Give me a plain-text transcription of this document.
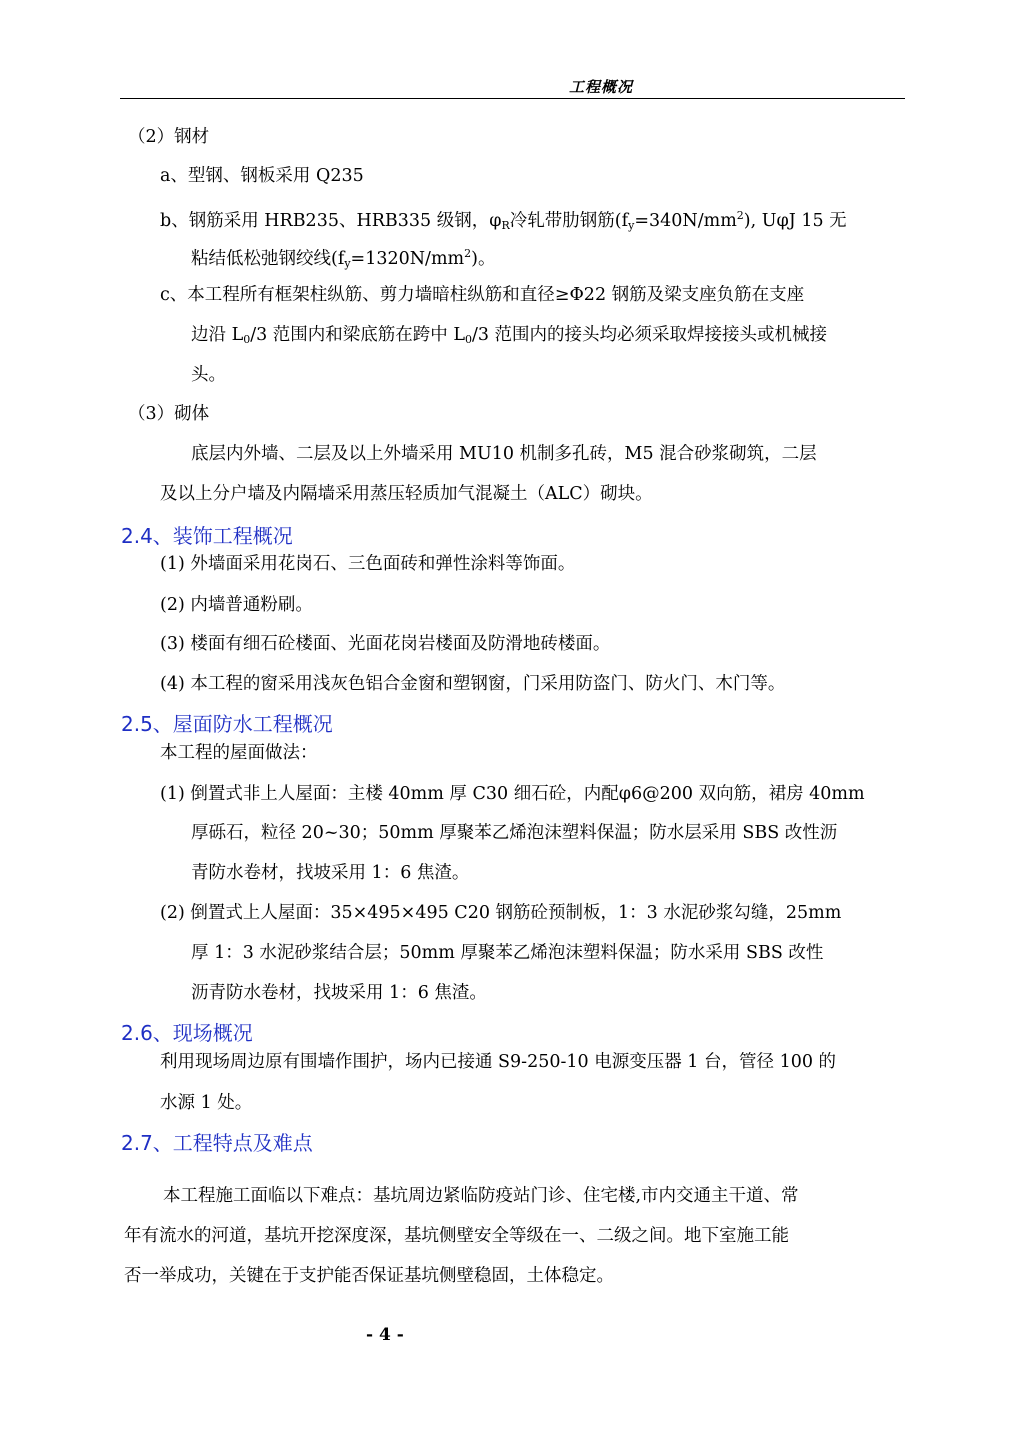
工程概况
（2）钢材
a、型钢、钢板采用 Q235
b、钢筋采用 HRB235、HRB335 级钢，$\varphi_R$冷轧带肋钢筋$(f_y=340N/mm^2)$, UφJ 15 无
粘结低松弛钢绞线$(f_y=1320N/mm^2)$。
c、本工程所有框架柱纵筋、剪力墙暗柱纵筋和直径≥Φ22 钢筋及梁支座负筋在支座
边沿 $L_0/3$ 范围内和梁底筋在跨中 $L_0/3$ 范围内的接头均必须采取焊接接头或机械接
头。
（3）砌体
底层内外墙、二层及以上外墙采用 MU10 机制多孔砖，M5 混合砂浆砌筑，二层
及以上分户墙及内隔墙采用蒸压轻质加气混凝土（ALC）砌块。
2.4、装饰工程概况
(1) 外墙面采用花岗石、三色面砖和弹性涂料等饰面。
(2) 内墙普通粉刷。
(3) 楼面有细石砼楼面、光面花岗岩楼面及防滑地砖楼面。
(4) 本工程的窗采用浅灰色铝合金窗和塑钢窗，门采用防盗门、防火门、木门等。
2.5、屋面防水工程概况
本工程的屋面做法：
(1) 倒置式非上人屋面：主楼 40mm 厚 C30 细石砼，内配φ6@200 双向筋，裙房 40mm
厚砾石，粒径 20~30；50mm 厚聚苯乙烯泡沫塑料保温；防水层采用 SBS 改性沥
青防水卷材，找坡采用 1：6 焦渣。
(2) 倒置式上人屋面：35×495×495 C20 钢筋砼预制板，1：3 水泥砂浆勾缝，25mm
厚 1：3 水泥砂浆结合层；50mm 厚聚苯乙烯泡沫塑料保温；防水采用 SBS 改性
沥青防水卷材，找坡采用 1：6 焦渣。
2.6、现场概况
利用现场周边原有围墙作围护，场内已接通 S9-250-10 电源变压器 1 台，管径 100 的
水源 1 处。
2.7、工程特点及难点
本工程施工面临以下难点：基坑周边紧临防疫站门诊、住宅楼,市内交通主干道、常
年有流水的河道，基坑开挖深度深，基坑侧壁安全等级在一、二级之间。地下室施工能
否一举成功，关键在于支护能否保证基坑侧壁稳固，土体稳定。
- 4 -
